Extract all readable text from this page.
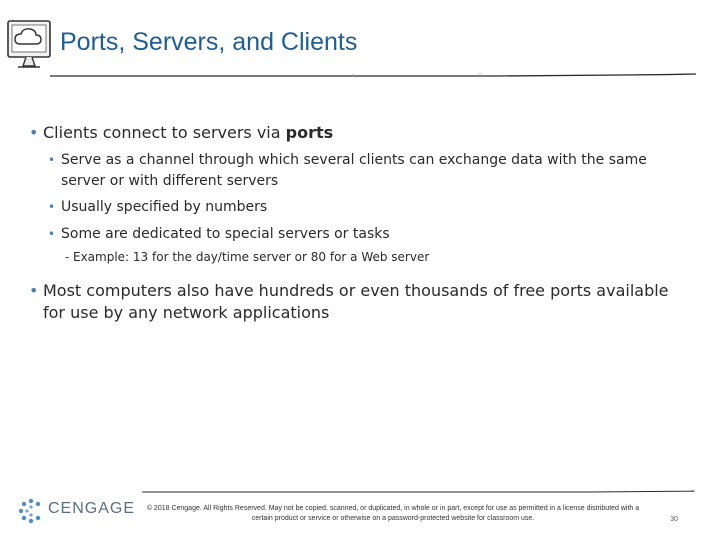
Ports, Servers, and Clients
• Clients connect to servers via ports
• Serve as a channel through which several clients can exchange data with the same server or with different servers
• Usually specified by numbers
• Some are dedicated to special servers or tasks
- Example: 13 for the day/time server or 80 for a Web server
• Most computers also have hundreds or even thousands of free ports available for use by any network applications
CENGAGE	© 2018 Cengage. All Rights Reserved. May not be copied, scanned, or duplicated, in whole or in part, except for use as permitted in a license distributed with a certain product or service or otherwise on a password-protected website for classroom use.	30
